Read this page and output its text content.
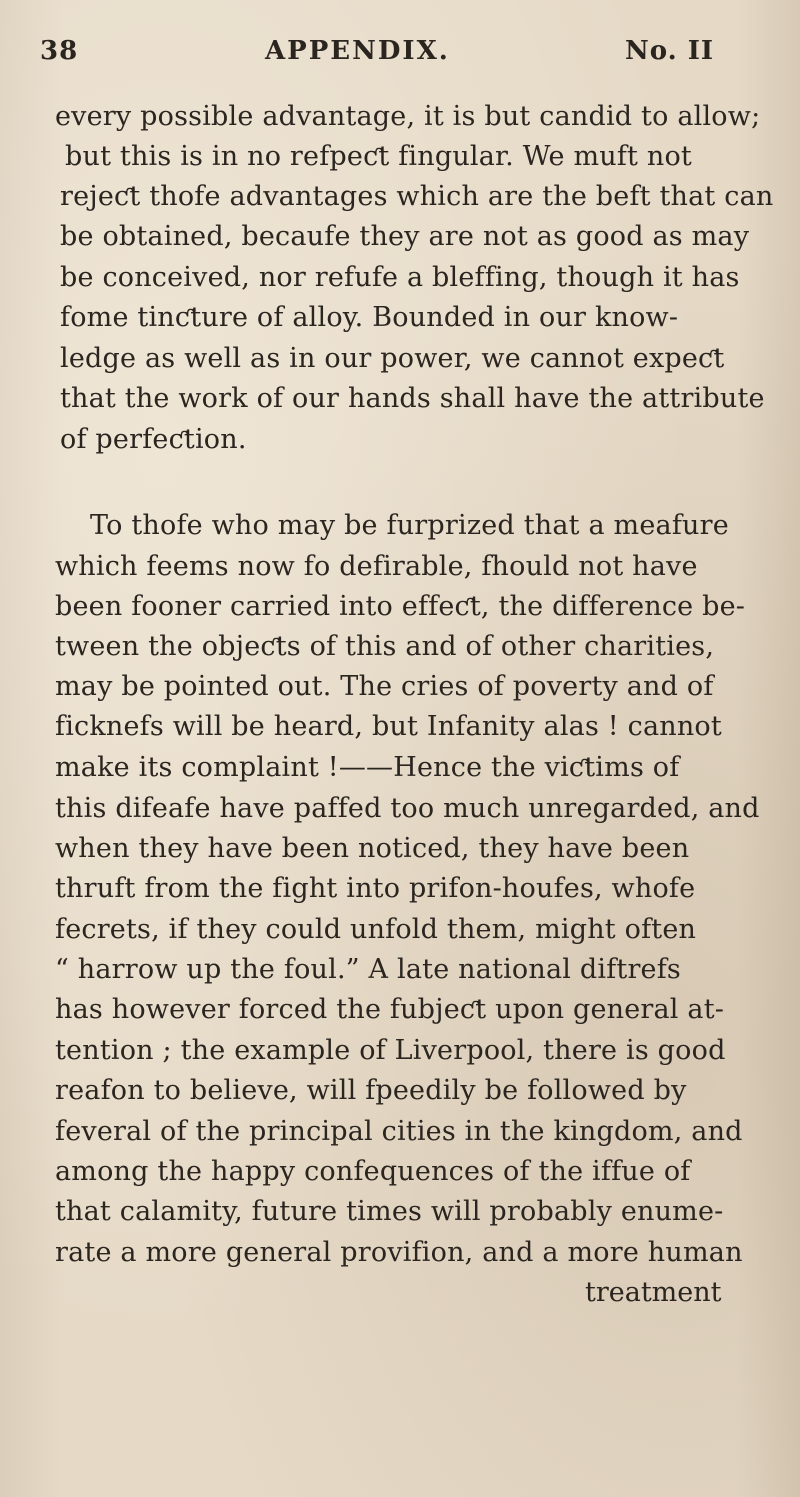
38	APPENDIX.	No. II
every possible advantage, it is but candid to allow;
but this is in no refpeƈt fingular. We muft not
rejeƈt thofe advantages which are the beft that can
be obtained, becaufe they are not as good as may
be conceived, nor refufe a bleffing, though it has
fome tinƈture of alloy. Bounded in our know-
ledge as well as in our power, we cannot expeƈt
that the work of our hands shall have the attribute
of perfeƈtion.
To thofe who may be furprized that a meafure
which feems now fo defirable, fhould not have
been fooner carried into effeƈt, the difference be-
tween the objeƈts of this and of other charities,
may be pointed out. The cries of poverty and of
ficknefs will be heard, but Infanity alas ! cannot
make its complaint !——Hence the viƈtims of
this difeafe have paffed too much unregarded, and
when they have been noticed, they have been
thruft from the fight into prifon-houfes, whofe
fecrets, if they could unfold them, might often
“ harrow up the foul.” A late national diftrefs
has however forced the fubjeƈt upon general at-
tention ; the example of Liverpool, there is good
reafon to believe, will fpeedily be followed by
feveral of the principal cities in the kingdom, and
among the happy confequences of the iffue of
that calamity, future times will probably enume-
rate a more general provifion, and a more human
treatment
